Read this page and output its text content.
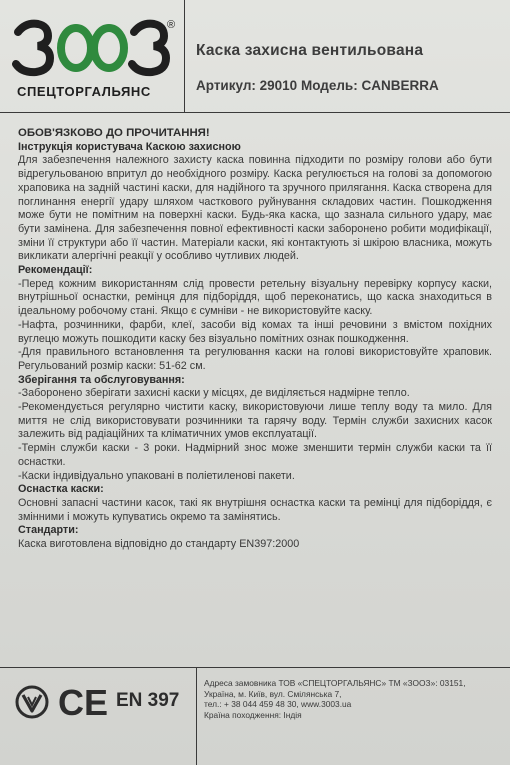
®
СПЕЦТОРГАЛЬЯНС
Каска захисна вентильована
Артикул: 29010 Модель: CANBERRA

ОБОВ'ЯЗКОВО ДО ПРОЧИТАННЯ!

Інструкція користувача Каскою захисною

Для забезпечення належного захисту каска повинна підходити по розміру голови або бути відрегульованою впритул до необхідного розміру. Каска регулюється на голові за допомогою храповика на задній частині каски, для надійного та зручного прилягання. Каска створена для поглинання енергії удару шляхом часткового руйнування складових частин. Пошкодження може бути не помітним на поверхні каски. Будь-яка каска, що зазнала сильного удару, має бути замінена. Для забезпечення повної ефективності каски заборонено робити модифікації, зміни її структури або її частин. Матеріали каски, які контактують зі шкірою власника, можуть викликати алергічні реакції у особливо чутливих людей.

Рекомендації:

-Перед кожним використанням слід провести ретельну візуальну перевірку корпусу каски, внутрішньої оснастки, ремінця для підборіддя, щоб переконатись, що каска знаходиться в ідеальному робочому стані. Якщо є сумніви - не використовуйте каску.

-Нафта, розчинники, фарби, клеї, засоби від комах та інші речовини з вмістом похідних вуглецю можуть пошкодити каску без візуально помітних ознак пошкодження.

-Для правильного встановлення та регулювання каски на голові використовуйте храповик. Регульований розмір каски: 51-62 см.

Зберігання та обслуговування:

-Заборонено зберігати захисні каски у місцях, де виділяється надмірне тепло.

-Рекомендується регулярно чистити каску, використовуючи лише теплу воду та мило. Для миття не слід використовувати розчинники та гарячу воду. Термін служби захисних касок залежить від радіаційних та кліматичних умов експлуатації.

-Термін служби каски - 3 роки. Надмірний знос може зменшити термін служби каски та її оснастки.

-Каски індивідуально упаковані в поліетиленові пакети.

Оснастка каски:

Основні запасні частини касок, такі як внутрішня оснастка каски та ремінці для підборіддя, є змінними і можуть купуватись окремо та замінятись.

Стандарти:

Каска виготовлена відповідно до стандарту EN397:2000

CE EN 397
Адреса замовника ТОВ «СПЕЦТОРГАЛЬЯНС» ТМ «ЗООЗ»: 03151,
Україна, м. Київ, вул. Смілянська 7,
тел.: + 38 044 459 48 30, www.3003.ua
Країна походження: Індія
